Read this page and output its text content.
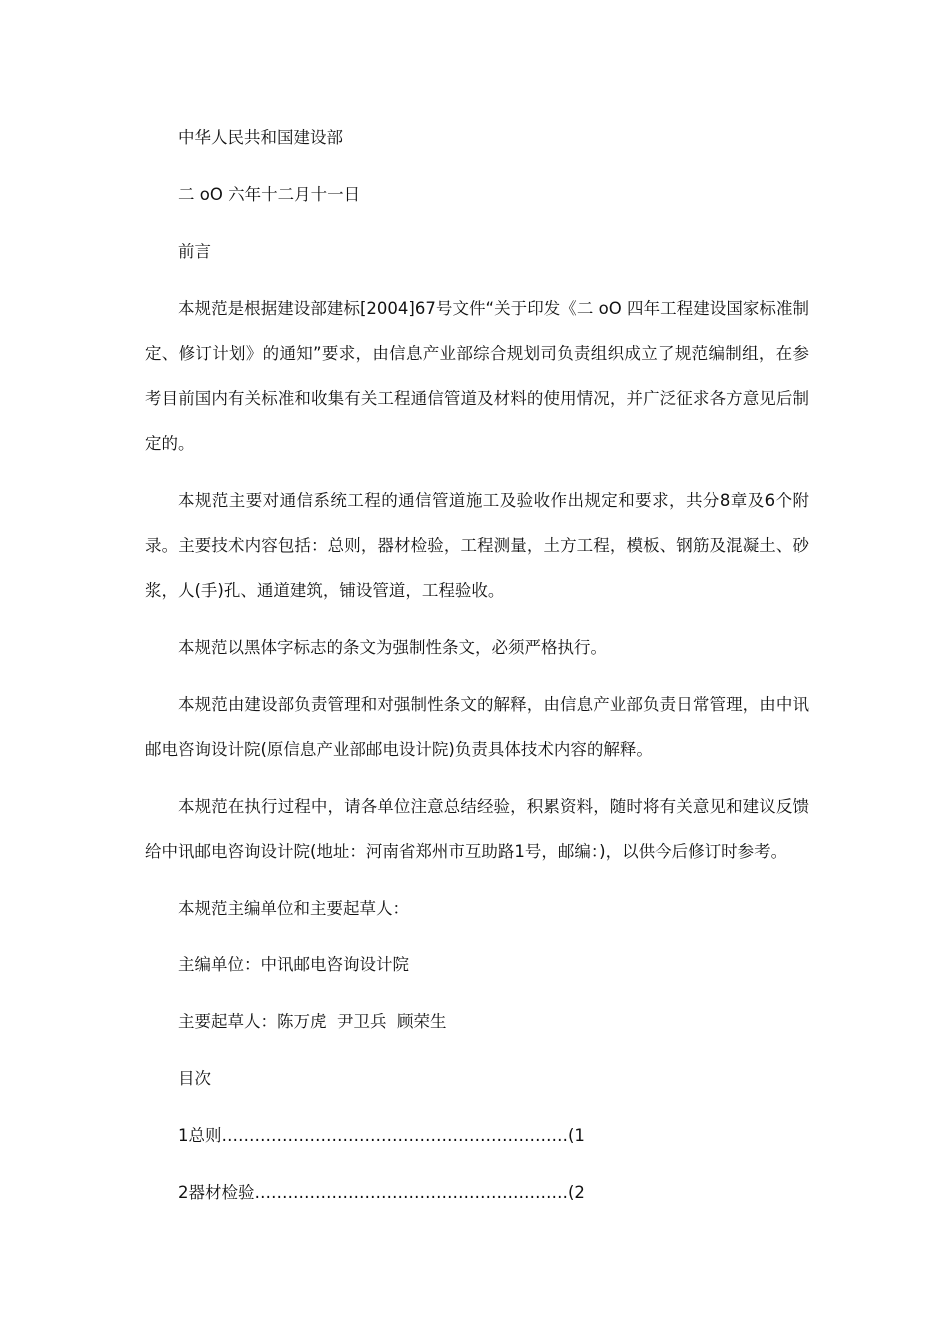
中华人民共和国建设部
二 oO 六年十二月十一日
前言
本规范是根据建设部建标[2004]67号文件“关于印发《二 oO 四年工程建设国家标准制
定、修订计划》的通知”要求，由信息产业部综合规划司负责组织成立了规范编制组，在参
考目前国内有关标准和收集有关工程通信管道及材料的使用情况，并广泛征求各方意见后制
定的。
本规范主要对通信系统工程的通信管道施工及验收作出规定和要求，共分8章及6个附
录。主要技术内容包括：总则，器材检验，工程测量，土方工程，模板、钢筋及混凝土、砂
浆，人(手)孔、通道建筑，铺设管道，工程验收。
本规范以黑体字标志的条文为强制性条文，必须严格执行。
本规范由建设部负责管理和对强制性条文的解释，由信息产业部负责日常管理，由中讯
邮电咨询设计院(原信息产业部邮电设计院)负责具体技术内容的解释。
本规范在执行过程中，请各单位注意总结经验，积累资料，随时将有关意见和建议反馈
给中讯邮电咨询设计院(地址：河南省郑州市互助路1号，邮编：)，以供今后修订时参考。
本规范主编单位和主要起草人：
主编单位：中讯邮电咨询设计院
主要起草人：陈万虎  尹卫兵  顾荣生
目次
1总则………………………………………………………(1
2器材检验…………………………………………………(2
